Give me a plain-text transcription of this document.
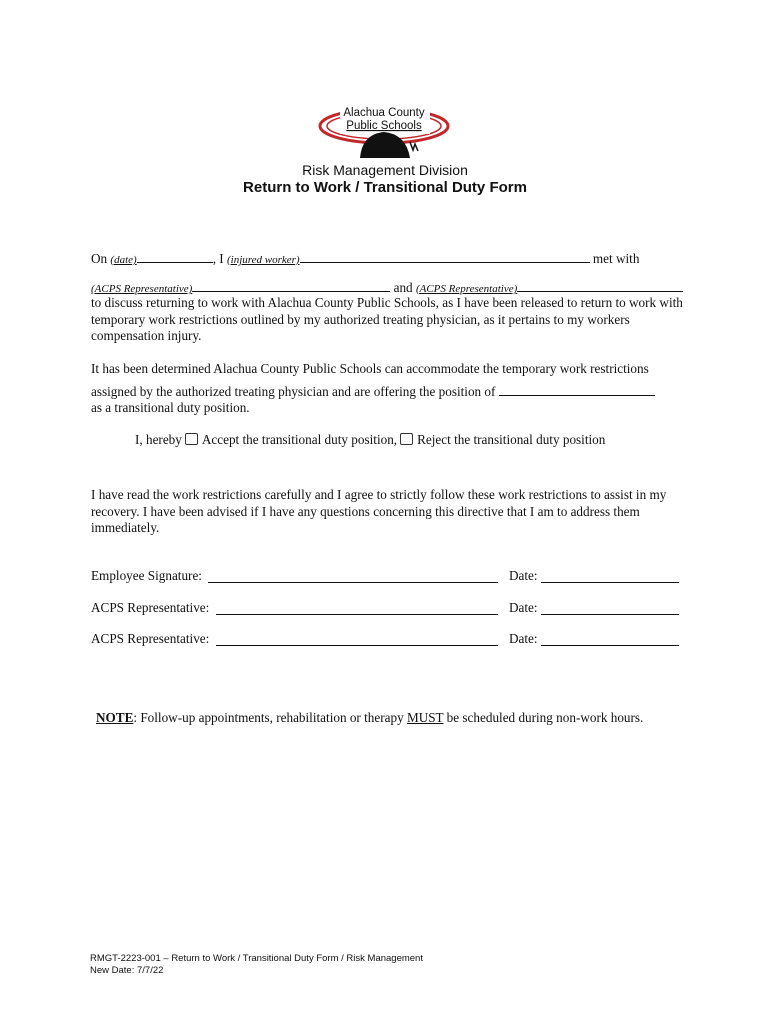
Alachua County
Public Schools
Risk Management Division
Return to Work / Transitional Duty Form
On (date)	, I (injured worker)	met with
(ACPS Representative)	and (ACPS Representative)
to discuss returning to work with Alachua County Public Schools, as I have been released to return to work with temporary work restrictions outlined by my authorized treating physician, as it pertains to my workers compensation injury.
It has been determined Alachua County Public Schools can accommodate the temporary work restrictions
assigned by the authorized treating physician and are offering the position of
as a transitional duty position.
I, hereby Accept the transitional duty position, Reject the transitional duty position
I have read the work restrictions carefully and I agree to strictly follow these work restrictions to assist in my recovery. I have been advised if I have any questions concerning this directive that I am to address them immediately.
Employee Signature:	Date:
ACPS Representative:	Date:
ACPS Representative:	Date:
NOTE: Follow-up appointments, rehabilitation or therapy MUST be scheduled during non-work hours.
RMGT-2223-001 – Return to Work / Transitional Duty Form / Risk Management
New Date: 7/7/22
